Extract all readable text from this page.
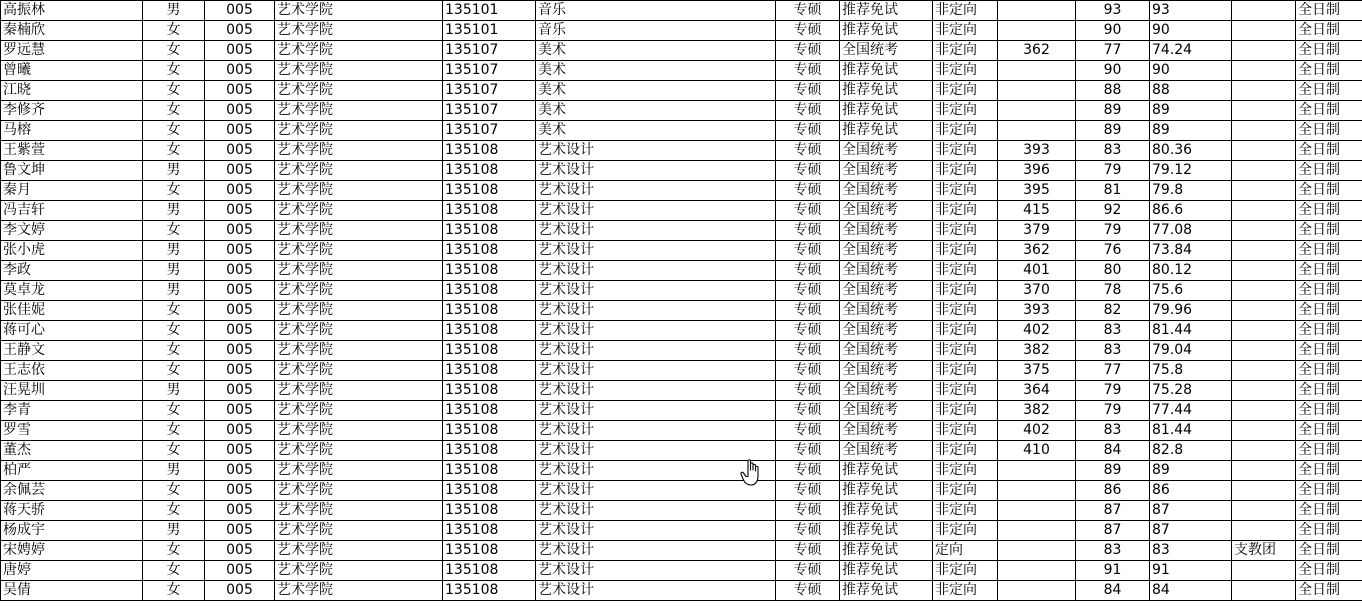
高振林	男	005	艺术学院	135101	音乐	专硕	推荐免试	非定向		93	93		全日制
秦楠欣	女	005	艺术学院	135101	音乐	专硕	推荐免试	非定向		90	90		全日制
罗远慧	女	005	艺术学院	135107	美术	专硕	全国统考	非定向	362	77	74.24		全日制
曾曦	女	005	艺术学院	135107	美术	专硕	推荐免试	非定向		90	90		全日制
江晓	女	005	艺术学院	135107	美术	专硕	推荐免试	非定向		88	88		全日制
李修齐	女	005	艺术学院	135107	美术	专硕	推荐免试	非定向		89	89		全日制
马榕	女	005	艺术学院	135107	美术	专硕	推荐免试	非定向		89	89		全日制
王紫萱	女	005	艺术学院	135108	艺术设计	专硕	全国统考	非定向	393	83	80.36		全日制
鲁文坤	男	005	艺术学院	135108	艺术设计	专硕	全国统考	非定向	396	79	79.12		全日制
秦月	女	005	艺术学院	135108	艺术设计	专硕	全国统考	非定向	395	81	79.8		全日制
冯吉轩	男	005	艺术学院	135108	艺术设计	专硕	全国统考	非定向	415	92	86.6		全日制
李文婷	女	005	艺术学院	135108	艺术设计	专硕	全国统考	非定向	379	79	77.08		全日制
张小虎	男	005	艺术学院	135108	艺术设计	专硕	全国统考	非定向	362	76	73.84		全日制
李政	男	005	艺术学院	135108	艺术设计	专硕	全国统考	非定向	401	80	80.12		全日制
莫卓龙	男	005	艺术学院	135108	艺术设计	专硕	全国统考	非定向	370	78	75.6		全日制
张佳妮	女	005	艺术学院	135108	艺术设计	专硕	全国统考	非定向	393	82	79.96		全日制
蒋可心	女	005	艺术学院	135108	艺术设计	专硕	全国统考	非定向	402	83	81.44		全日制
王静文	女	005	艺术学院	135108	艺术设计	专硕	全国统考	非定向	382	83	79.04		全日制
王志依	女	005	艺术学院	135108	艺术设计	专硕	全国统考	非定向	375	77	75.8		全日制
汪晃圳	男	005	艺术学院	135108	艺术设计	专硕	全国统考	非定向	364	79	75.28		全日制
李青	女	005	艺术学院	135108	艺术设计	专硕	全国统考	非定向	382	79	77.44		全日制
罗雪	女	005	艺术学院	135108	艺术设计	专硕	全国统考	非定向	402	83	81.44		全日制
董杰	女	005	艺术学院	135108	艺术设计	专硕	全国统考	非定向	410	84	82.8		全日制
柏严	男	005	艺术学院	135108	艺术设计	专硕	推荐免试	非定向		89	89		全日制
余佩芸	女	005	艺术学院	135108	艺术设计	专硕	推荐免试	非定向		86	86		全日制
蒋天骄	女	005	艺术学院	135108	艺术设计	专硕	推荐免试	非定向		87	87		全日制
杨成宇	男	005	艺术学院	135108	艺术设计	专硕	推荐免试	非定向		87	87		全日制
宋娉婷	女	005	艺术学院	135108	艺术设计	专硕	推荐免试	定向		83	83	支教团	全日制
唐婷	女	005	艺术学院	135108	艺术设计	专硕	推荐免试	非定向		91	91		全日制
吴倩	女	005	艺术学院	135108	艺术设计	专硕	推荐免试	非定向		84	84		全日制
